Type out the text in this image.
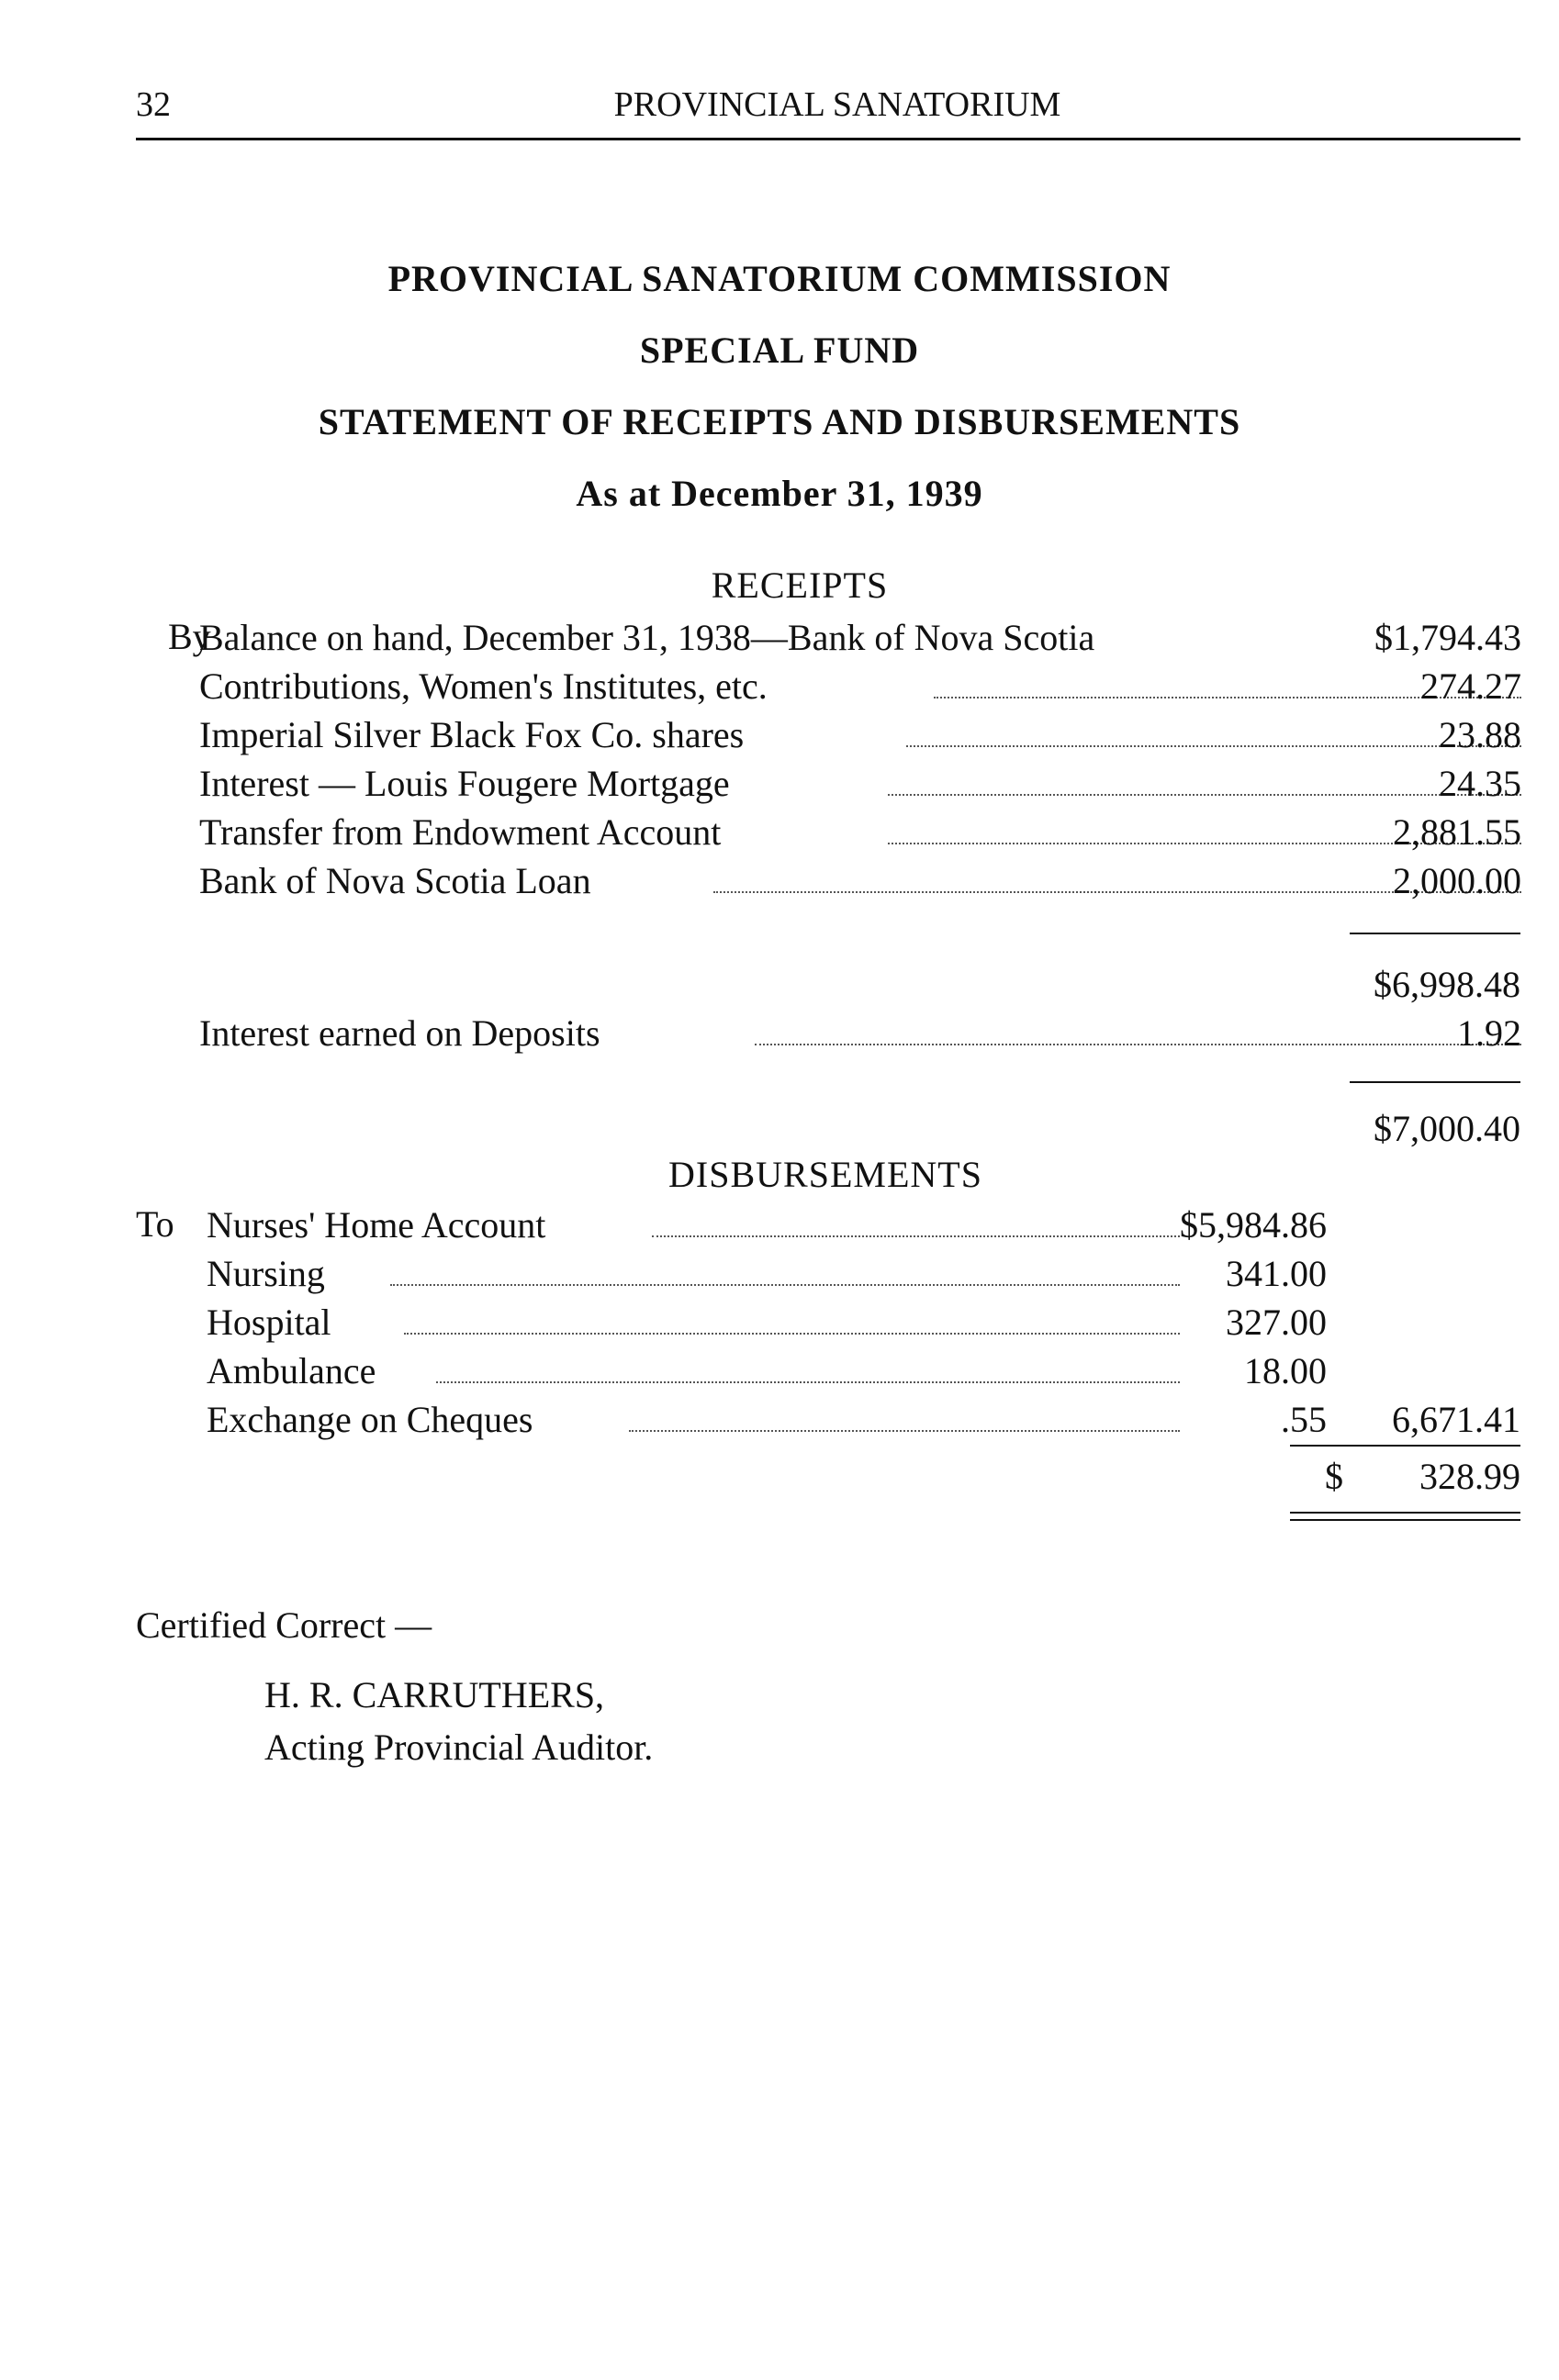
32	PROVINCIAL SANATORIUM
PROVINCIAL SANATORIUM COMMISSION
SPECIAL FUND
STATEMENT OF RECEIPTS AND DISBURSEMENTS
As at December 31, 1939
RECEIPTS
By
Balance on hand, December 31, 1938—Bank of Nova Scotia	$1,794.43
Contributions, Women's Institutes, etc.	274.27
Imperial Silver Black Fox Co. shares	23.88
Interest — Louis Fougere Mortgage	24.35
Transfer from Endowment Account	2,881.55
Bank of Nova Scotia Loan	2,000.00
$6,998.48
Interest earned on Deposits	1.92
$7,000.40
DISBURSEMENTS
To Nurses' Home Account	$5,984.86
Nursing	341.00
Hospital	327.00
Ambulance	18.00
Exchange on Cheques	.55 6,671.41
$ 328.99
Certified Correct —
H. R. CARRUTHERS,
Acting Provincial Auditor.
